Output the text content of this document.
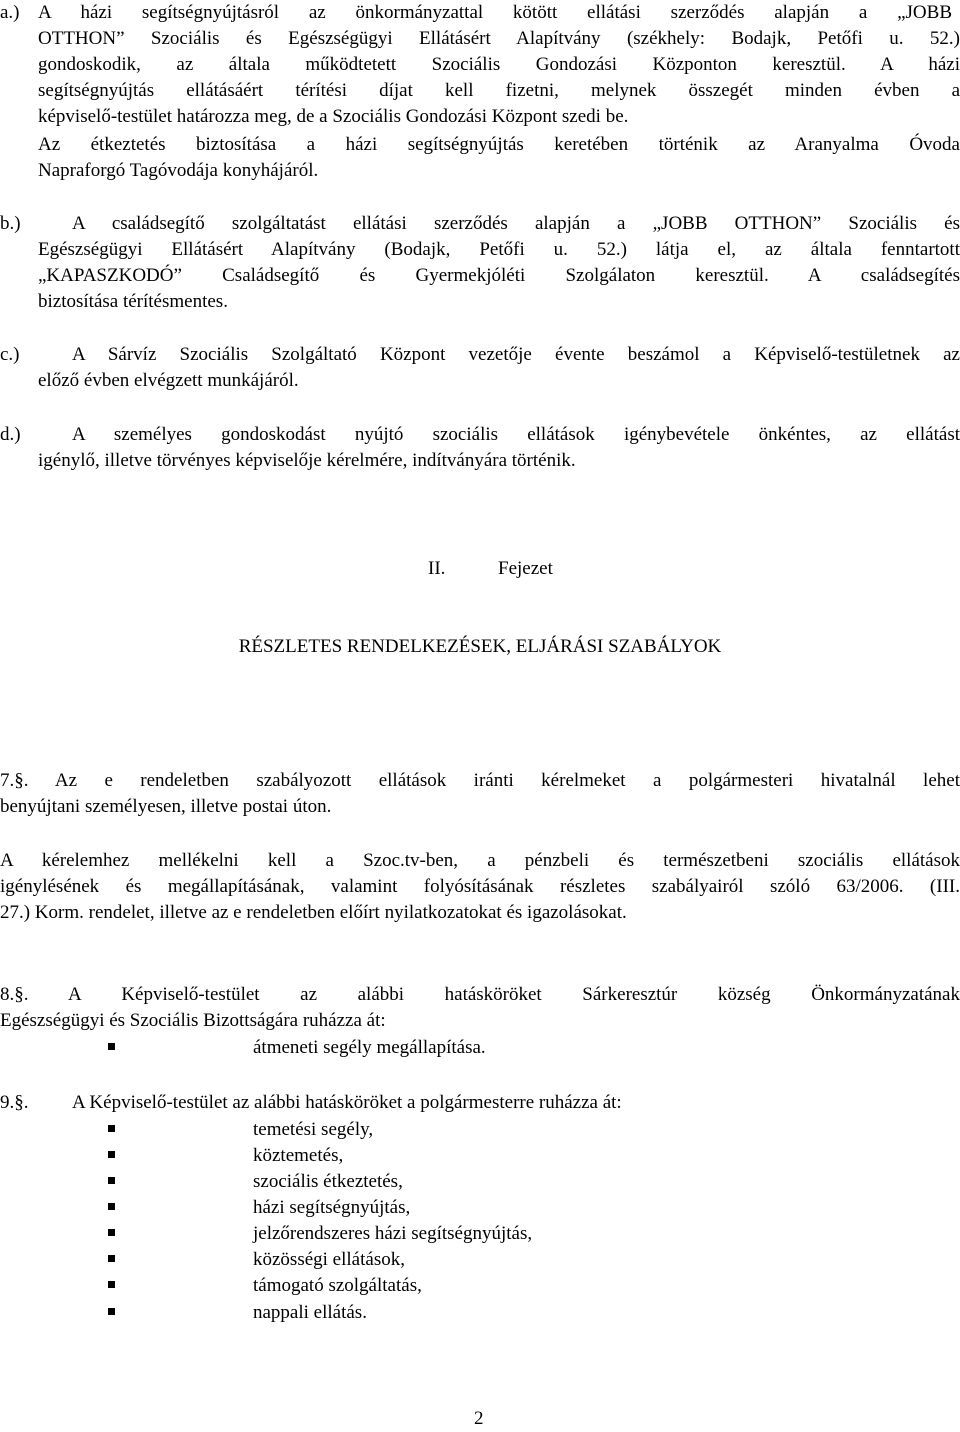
a.) A házi segítségnyújtásról az önkormányzattal kötött ellátási szerződés alapján a „JOBB
OTTHON” Szociális és Egészségügyi Ellátásért Alapítvány (székhely: Bodajk, Petőfi u. 52.)
gondoskodik, az általa működtetett Szociális Gondozási Központon keresztül. A házi
segítségnyújtás ellátásáért térítési díjat kell fizetni, melynek összegét minden évben a
képviselő-testület határozza meg, de a Szociális Gondozási Központ szedi be.
Az étkeztetés biztosítása a házi segítségnyújtás keretében történik az Aranyalma Óvoda
Napraforgó Tagóvodája konyhájáról.
b.)	A családsegítő szolgáltatást ellátási szerződés alapján a „JOBB OTTHON” Szociális és
Egészségügyi Ellátásért Alapítvány (Bodajk, Petőfi u. 52.) látja el, az általa fenntartott
„KAPASZKODÓ” Családsegítő és Gyermekjóléti Szolgálaton keresztül. A családsegítés
biztosítása térítésmentes.
c.)	A Sárvíz Szociális Szolgáltató Központ vezetője évente beszámol a Képviselő-testületnek az
előző évben elvégzett munkájáról.
d.)	A személyes gondoskodást nyújtó szociális ellátások igénybevétele önkéntes, az ellátást
igénylő, illetve törvényes képviselője kérelmére, indítványára történik.
II.	Fejezet
RÉSZLETES RENDELKEZÉSEK, ELJÁRÁSI SZABÁLYOK
7.§. Az e rendeletben szabályozott ellátások iránti kérelmeket a polgármesteri hivatalnál lehet
benyújtani személyesen, illetve postai úton.
A kérelemhez mellékelni kell a Szoc.tv-ben, a pénzbeli és természetbeni szociális ellátások
igénylésének és megállapításának, valamint folyósításának részletes szabályairól szóló 63/2006. (III.
27.) Korm. rendelet, illetve az e rendeletben előírt nyilatkozatokat és igazolásokat.
8.§. A Képviselő-testület az alábbi hatásköröket Sárkeresztúr község Önkormányzatának
Egészségügyi és Szociális Bizottságára ruházza át:
átmeneti segély megállapítása.
9.§. A Képviselő-testület az alábbi hatásköröket a polgármesterre ruházza át:
temetési segély,
köztemetés,
szociális étkeztetés,
házi segítségnyújtás,
jelzőrendszeres házi segítségnyújtás,
közösségi ellátások,
támogató szolgáltatás,
nappali ellátás.
2
